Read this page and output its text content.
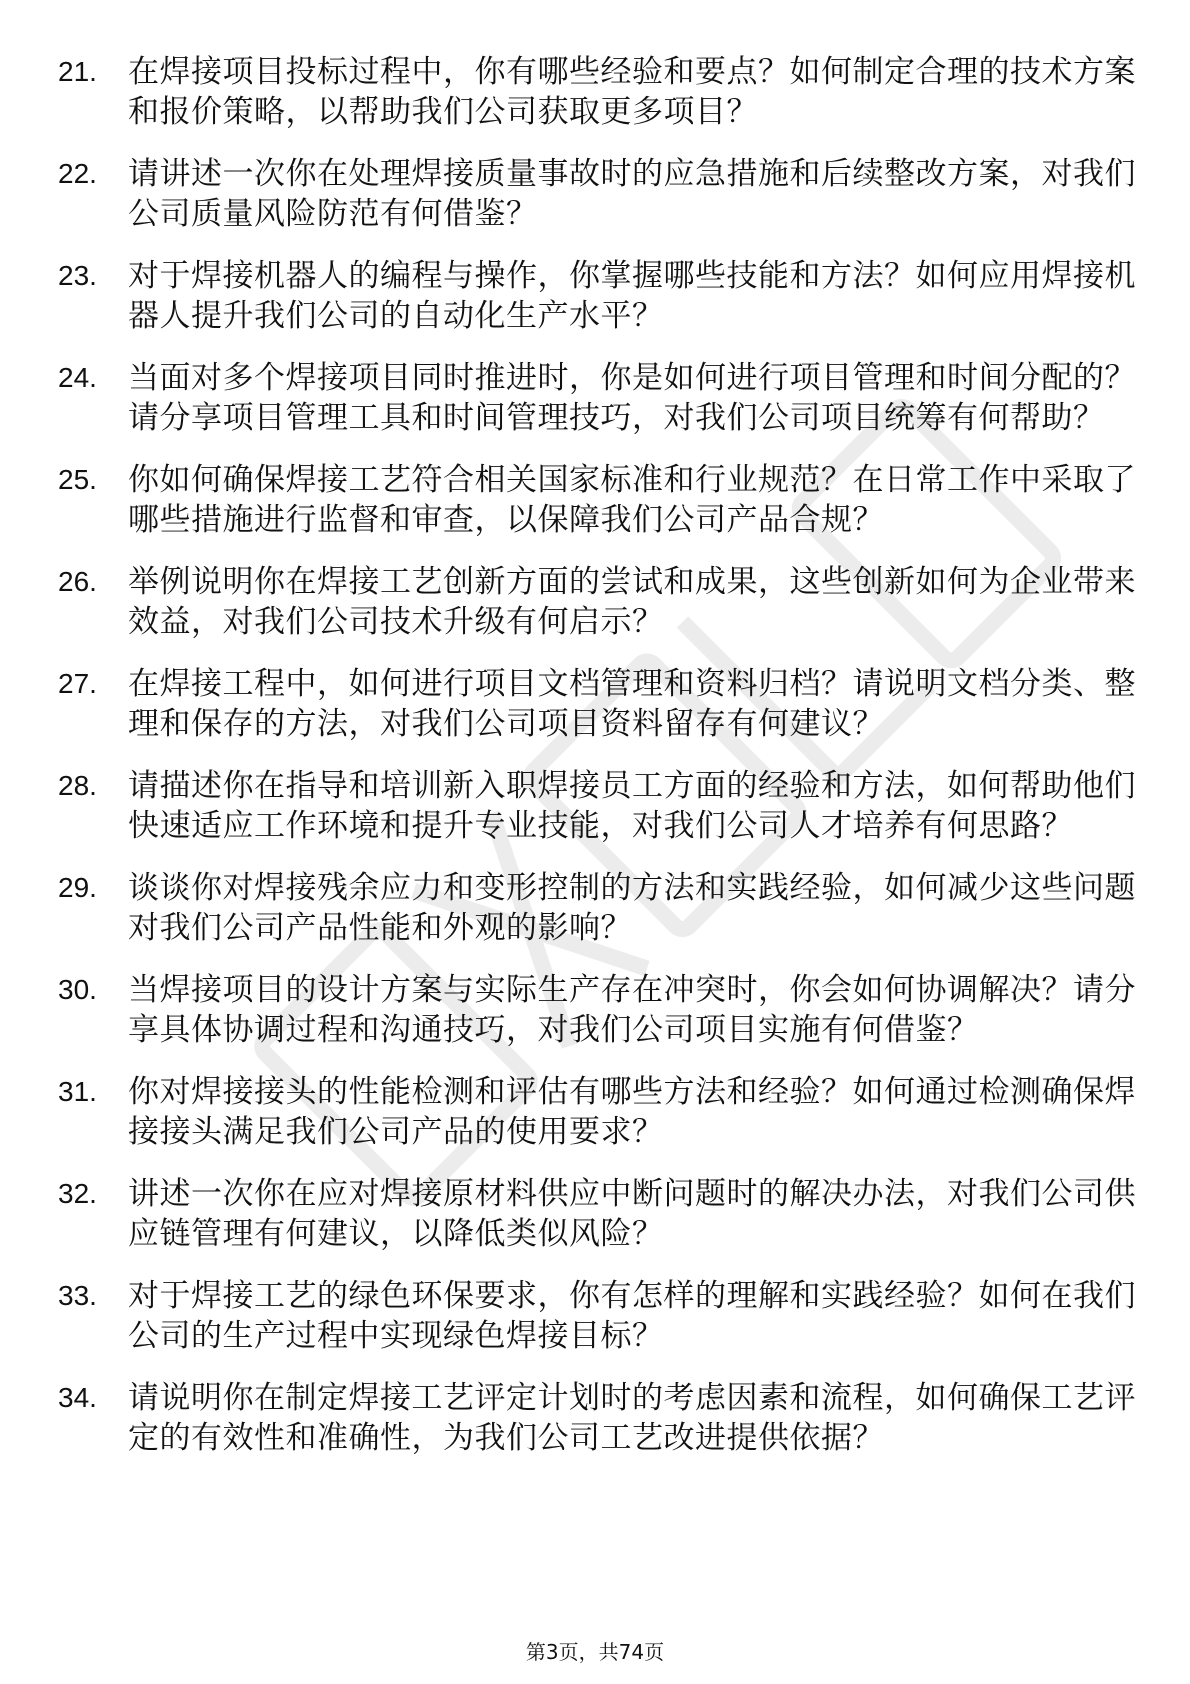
21.	在焊接项目投标过程中，你有哪些经验和要点？如何制定合理的技术方案和报价策略，以帮助我们公司获取更多项目？
22.	请讲述一次你在处理焊接质量事故时的应急措施和后续整改方案，对我们公司质量风险防范有何借鉴？
23.	对于焊接机器人的编程与操作，你掌握哪些技能和方法？如何应用焊接机器人提升我们公司的自动化生产水平？
24.	当面对多个焊接项目同时推进时，你是如何进行项目管理和时间分配的？请分享项目管理工具和时间管理技巧，对我们公司项目统筹有何帮助？
25.	你如何确保焊接工艺符合相关国家标准和行业规范？在日常工作中采取了哪些措施进行监督和审查，以保障我们公司产品合规？
26.	举例说明你在焊接工艺创新方面的尝试和成果，这些创新如何为企业带来效益，对我们公司技术升级有何启示？
27.	在焊接工程中，如何进行项目文档管理和资料归档？请说明文档分类、整理和保存的方法，对我们公司项目资料留存有何建议？
28.	请描述你在指导和培训新入职焊接员工方面的经验和方法，如何帮助他们快速适应工作环境和提升专业技能，对我们公司人才培养有何思路？
29.	谈谈你对焊接残余应力和变形控制的方法和实践经验，如何减少这些问题对我们公司产品性能和外观的影响？
30.	当焊接项目的设计方案与实际生产存在冲突时，你会如何协调解决？请分享具体协调过程和沟通技巧，对我们公司项目实施有何借鉴？
31.	你对焊接接头的性能检测和评估有哪些方法和经验？如何通过检测确保焊接接头满足我们公司产品的使用要求？
32.	讲述一次你在应对焊接原材料供应中断问题时的解决办法，对我们公司供应链管理有何建议，以降低类似风险？
33.	对于焊接工艺的绿色环保要求，你有怎样的理解和实践经验？如何在我们公司的生产过程中实现绿色焊接目标？
34.	请说明你在制定焊接工艺评定计划时的考虑因素和流程，如何确保工艺评定的有效性和准确性，为我们公司工艺改进提供依据？
第3页，共74页
